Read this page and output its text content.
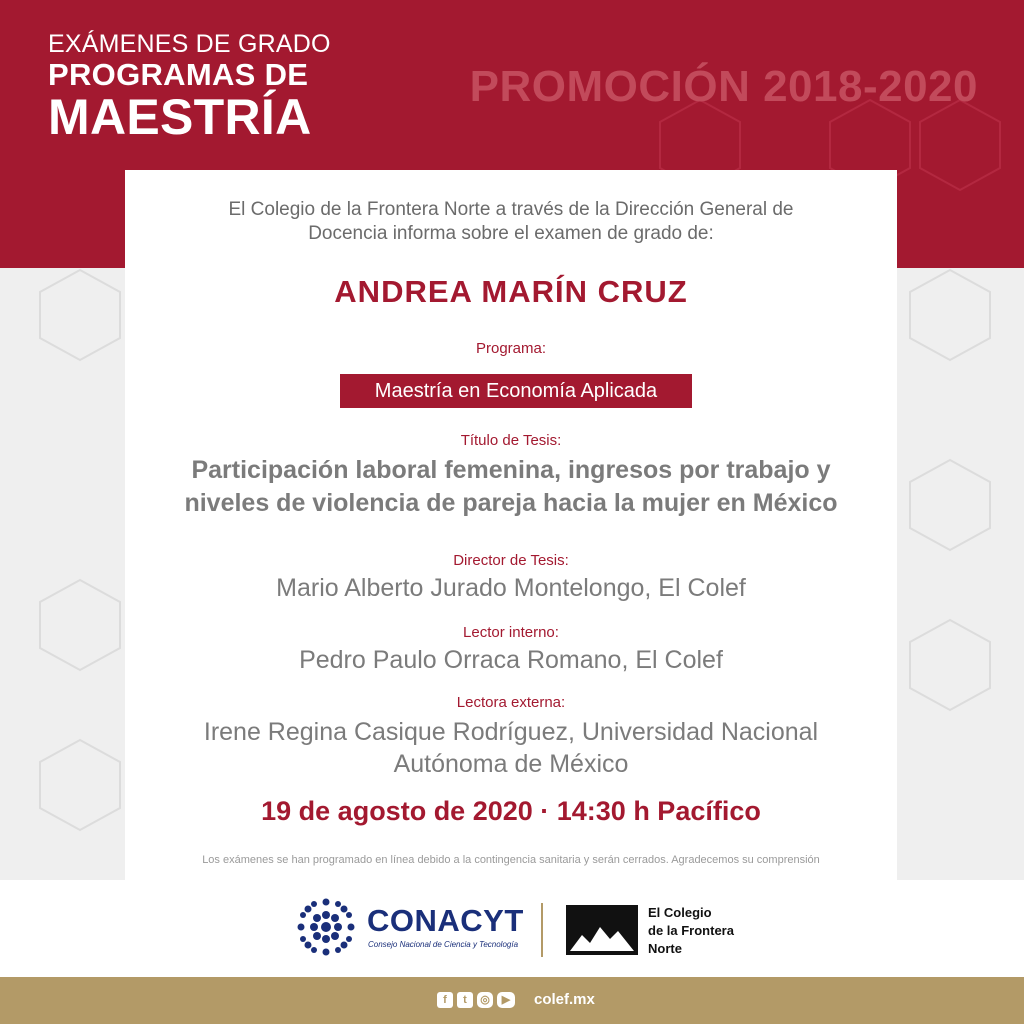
EXÁMENES DE GRADO
PROGRAMAS DE
MAESTRÍA
PROMOCIÓN 2018-2020
El Colegio de la Frontera Norte a través de la Dirección General de Docencia informa sobre el examen de grado de:
ANDREA MARÍN CRUZ
Programa:
Maestría en Economía Aplicada
Título de Tesis:
Participación laboral femenina, ingresos por trabajo y niveles de violencia de pareja hacia la mujer en México
Director de Tesis:
Mario Alberto Jurado Montelongo, El Colef
Lector interno:
Pedro Paulo Orraca Romano, El Colef
Lectora externa:
Irene Regina Casique Rodríguez, Universidad Nacional Autónoma de México
19 de agosto de 2020 · 14:30 h Pacífico
Los exámenes se han programado en línea debido a la contingencia sanitaria y serán cerrados. Agradecemos su comprensión
CONACYT
Consejo Nacional de Ciencia y Tecnología
El Colegio
de la Frontera
Norte
f	t	◎	▶	colef.mx
